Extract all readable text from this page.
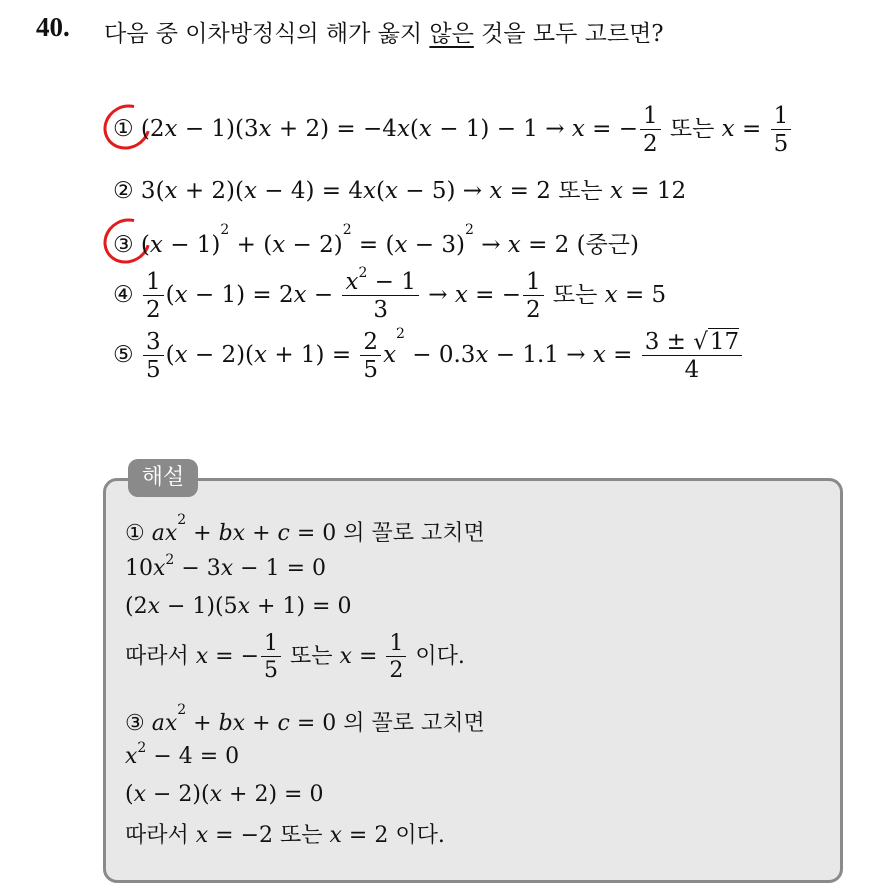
40. 다음 중 이차방정식의 해가 옳지 않은 것을 모두 고르면?
① (2x − 1)(3x + 2) = −4x(x − 1) − 1 → x = − $\frac{1}{2}$ 또는 $x = \frac{1}{5}$
② 3(x + 2)(x − 4) = 4x(x − 5) → x = 2 또는 x = 12
③ $(x - 1)^2 + (x - 2)^2 = (x - 3)^2 \to x = 2$ (중근)
④ $\frac{1}{2} (x - 1) = 2x - \frac{x^2 - 1}{3} \to x$ = − $\frac{1}{2}$ 또는 x = 5
⑤ $\frac{3}{5} (x - 2)(x + 1) = \frac{2}{5} x^2 - 0.3x - 1.1 \to x = \frac{3 \pm √17}{4}$
해설
① $ax^2$ + bx + c = 0 의 꼴로 고치면
$10x^2 - 3x - 1 = 0$
(2x − 1)(5x + 1) = 0
따라서 x = − $\frac{1}{5}$ 또는 $x = \frac{1}{2}$ 이다.
③ $ax^2$ + bx + c = 0 의 꼴로 고치면
$x^2 - 4 = 0$
(x − 2)(x + 2) = 0
따라서 x = −2 또는 x = 2 이다.
